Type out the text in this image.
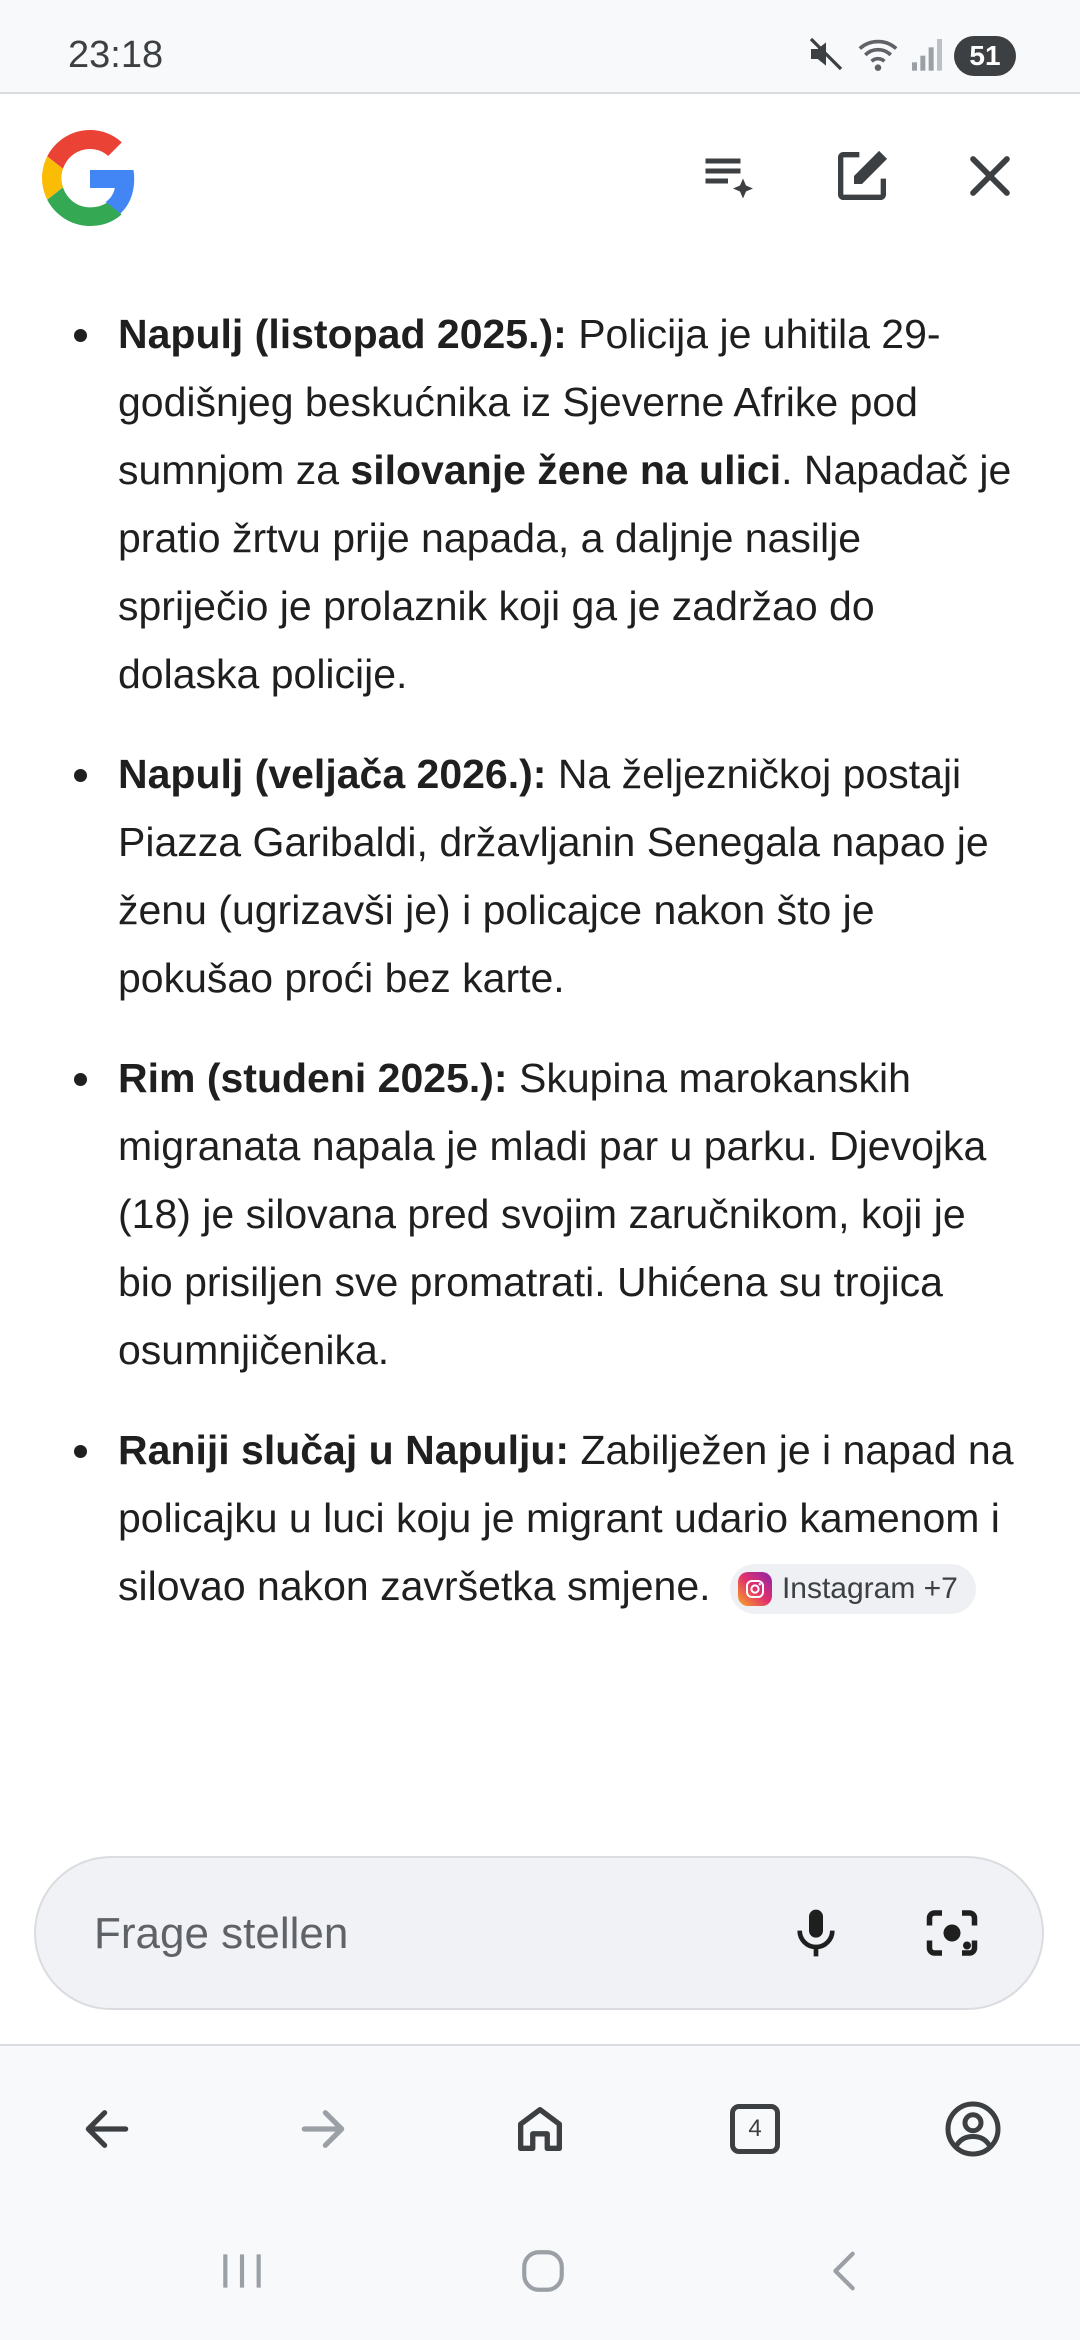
23:18	51
Napulj (listopad 2025.): Policija je uhitila 29-godišnjeg beskućnika iz Sjeverne Afrike pod sumnjom za silovanje žene na ulici. Napadač je pratio žrtvu prije napada, a daljnje nasilje spriječio je prolaznik koji ga je zadržao do dolaska policije.
Napulj (veljača 2026.): Na željezničkoj postaji Piazza Garibaldi, državljanin Senegala napao je ženu (ugrizavši je) i policajce nakon što je pokušao proći bez karte.
Rim (studeni 2025.): Skupina marokanskih migranata napala je mladi par u parku. Djevojka (18) je silovana pred svojim zaručnikom, koji je bio prisiljen sve promatrati. Uhićena su trojica osumnjičenika.
Raniji slučaj u Napulju: Zabilježen je i napad na policajku u luci koju je migrant udario kamenom i silovao nakon završetka smjene. Instagram +7
Frage stellen
4
